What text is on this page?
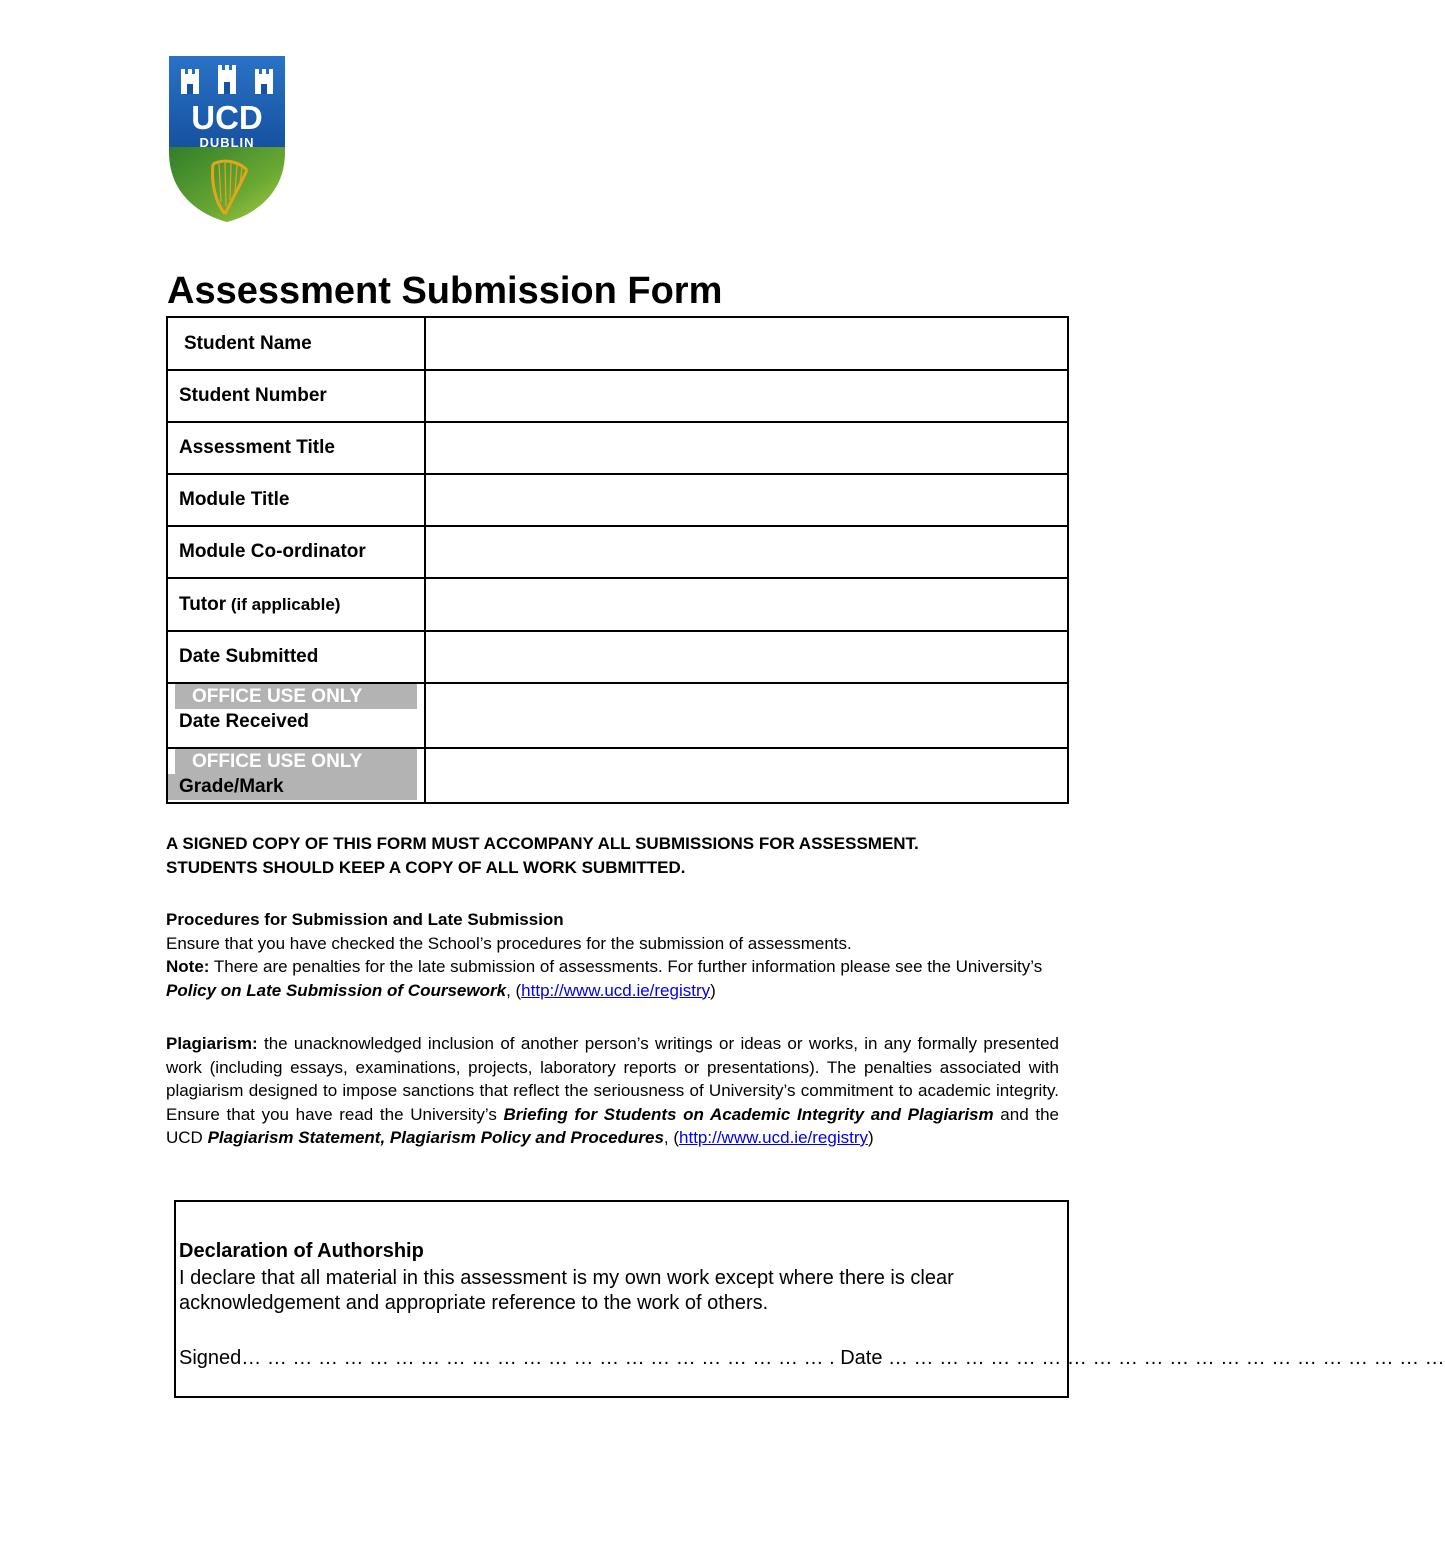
UCD
DUBLIN
Assessment Submission Form
Student Name	
Student Number	
Assessment Title	
Module Title	
Module Co-ordinator	
Tutor (if applicable)	
Date Submitted	

OFFICE USE ONLY
Date Received	

OFFICE USE ONLY
Grade/Mark	

A SIGNED COPY OF THIS FORM MUST ACCOMPANY ALL SUBMISSIONS FOR ASSESSMENT.
STUDENTS SHOULD KEEP A COPY OF ALL WORK SUBMITTED.
Procedures for Submission and Late Submission
Ensure that you have checked the School’s procedures for the submission of assessments.
Note: There are penalties for the late submission of assessments. For further information please see the University’s Policy on Late Submission of Coursework, (http://www.ucd.ie/registry)
Plagiarism: the unacknowledged inclusion of another person’s writings or ideas or works, in any formally presented work (including essays, examinations, projects, laboratory reports or presentations). The penalties associated with plagiarism designed to impose sanctions that reflect the seriousness of University’s commitment to academic integrity. Ensure that you have read the University’s Briefing for Students on Academic Integrity and Plagiarism and the UCD Plagiarism Statement, Plagiarism Policy and Procedures, (http://www.ucd.ie/registry)
Declaration of Authorship
I declare that all material in this assessment is my own work except where there is clear acknowledgement and appropriate reference to the work of others.
Signed… … … … … … … … … … … … … … … … … … … … … … … . Date … … … … … … … … … … … … … … … … … … … … … …
